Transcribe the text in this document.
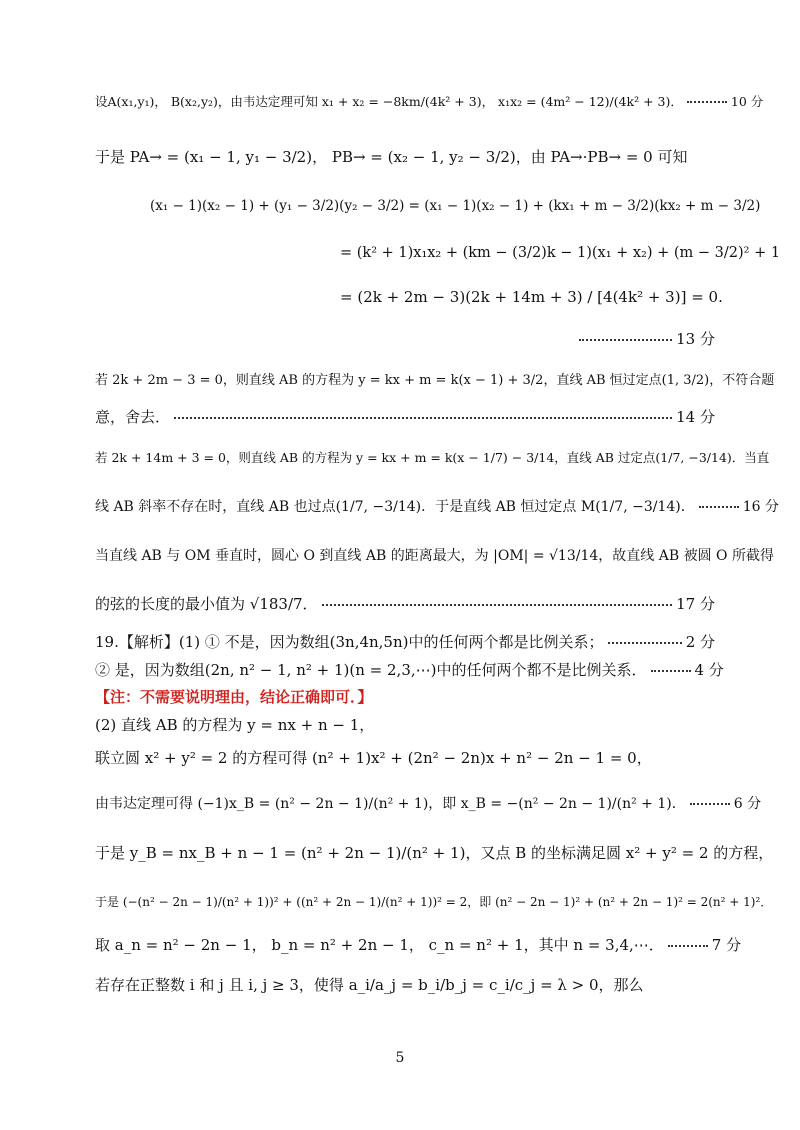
设A(x₁,y₁)， B(x₂,y₂)，由韦达定理可知 x₁ + x₂ = −8km/(4k² + 3)， x₁x₂ = (4m² − 12)/(4k² + 3)．	10 分
于是 PA→ = (x₁ − 1, y₁ − 3/2)， PB→ = (x₂ − 1, y₂ − 3/2)，由 PA→·PB→ = 0 可知
(x₁ − 1)(x₂ − 1) + (y₁ − 3/2)(y₂ − 3/2) = (x₁ − 1)(x₂ − 1) + (kx₁ + m − 3/2)(kx₂ + m − 3/2)
= (k² + 1)x₁x₂ + (km − (3/2)k − 1)(x₁ + x₂) + (m − 3/2)² + 1
= (2k + 2m − 3)(2k + 14m + 3) / [4(4k² + 3)] = 0.
13 分
若 2k + 2m − 3 = 0，则直线 AB 的方程为 y = kx + m = k(x − 1) + 3/2，直线 AB 恒过定点(1, 3/2)，不符合题
意，舍去．	14 分
若 2k + 14m + 3 = 0，则直线 AB 的方程为 y = kx + m = k(x − 1/7) − 3/14，直线 AB 过定点(1/7, −3/14)．当直
线 AB 斜率不存在时，直线 AB 也过点(1/7, −3/14)．于是直线 AB 恒过定点 M(1/7, −3/14)．	16 分
当直线 AB 与 OM 垂直时，圆心 O 到直线 AB 的距离最大，为 |OM| = √13/14，故直线 AB 被圆 O 所截得
的弦的长度的最小值为 √183/7．	17 分
19.【解析】(1) ① 不是，因为数组(3n,4n,5n)中的任何两个都是比例关系；	2 分
② 是，因为数组(2n, n² − 1, n² + 1)(n = 2,3,⋯)中的任何两个都不是比例关系．	4 分
【注：不需要说明理由，结论正确即可．】
(2) 直线 AB 的方程为 y = nx + n − 1，
联立圆 x² + y² = 2 的方程可得 (n² + 1)x² + (2n² − 2n)x + n² − 2n − 1 = 0，
由韦达定理可得 (−1)x_B = (n² − 2n − 1)/(n² + 1)，即 x_B = −(n² − 2n − 1)/(n² + 1)．	6 分
于是 y_B = nx_B + n − 1 = (n² + 2n − 1)/(n² + 1)，又点 B 的坐标满足圆 x² + y² = 2 的方程，
于是 (−(n² − 2n − 1)/(n² + 1))² + ((n² + 2n − 1)/(n² + 1))² = 2，即 (n² − 2n − 1)² + (n² + 2n − 1)² = 2(n² + 1)²．
取 a_n = n² − 2n − 1， b_n = n² + 2n − 1， c_n = n² + 1，其中 n = 3,4,⋯．	7 分
若存在正整数 i 和 j 且 i, j ≥ 3，使得 a_i/a_j = b_i/b_j = c_i/c_j = λ > 0，那么
5
